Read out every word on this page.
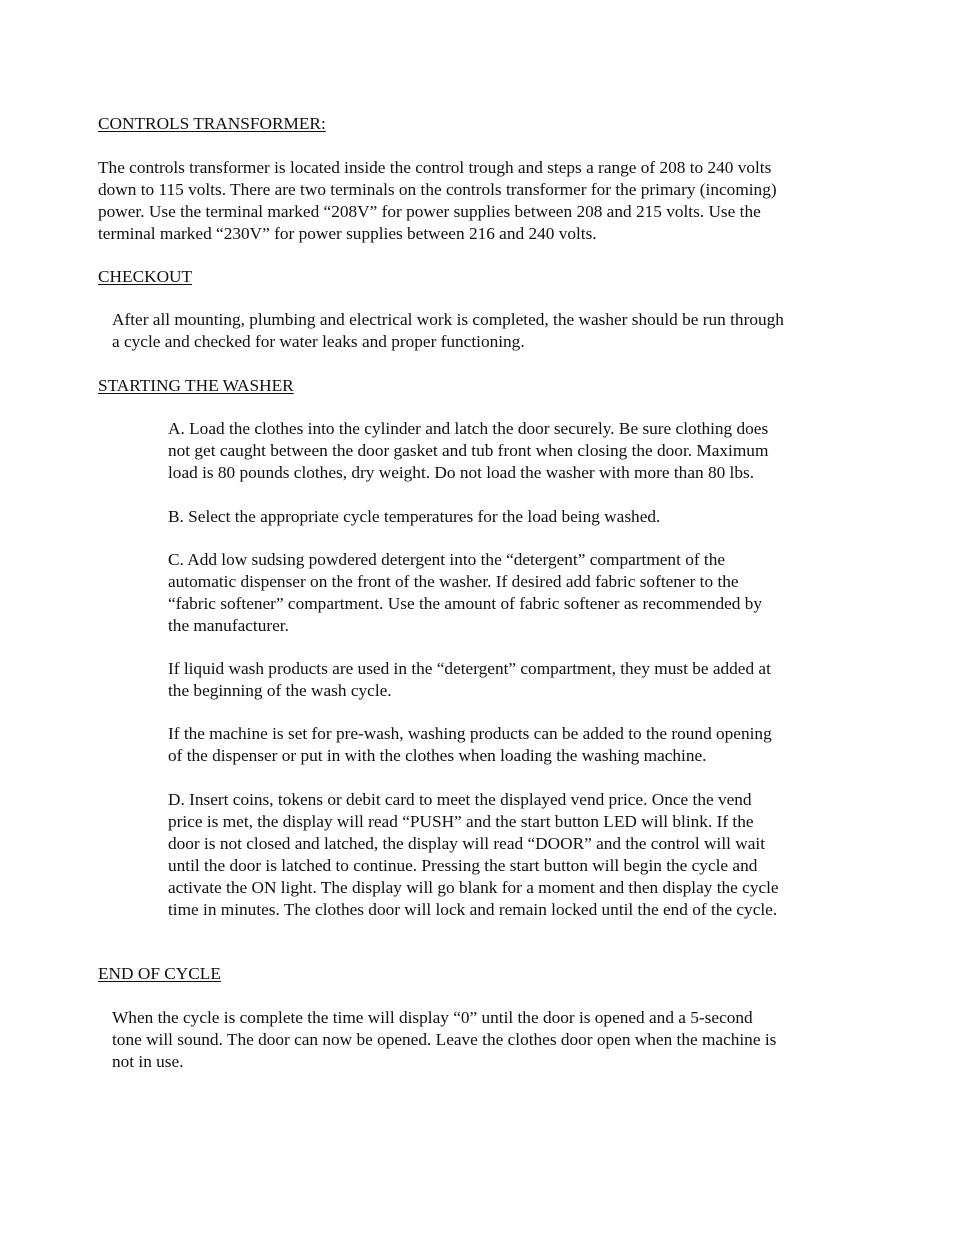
CONTROLS TRANSFORMER:
The controls transformer is located inside the control trough and steps a range of 208 to 240 volts
down to 115 volts. There are two terminals on the controls transformer for the primary (incoming)
power. Use the terminal marked “208V” for power supplies between 208 and 215 volts. Use the
terminal marked “230V” for power supplies between 216 and 240 volts.
CHECKOUT
After all mounting, plumbing and electrical work is completed, the washer should be run through
a cycle and checked for water leaks and proper functioning.
STARTING THE WASHER
A. Load the clothes into the cylinder and latch the door securely. Be sure clothing does
not get caught between the door gasket and tub front when closing the door. Maximum
load is 80 pounds clothes, dry weight. Do not load the washer with more than 80 lbs.
B. Select the appropriate cycle temperatures for the load being washed.
C. Add low sudsing powdered detergent into the “detergent” compartment of the
automatic dispenser on the front of the washer. If desired add fabric softener to the
“fabric softener” compartment. Use the amount of fabric softener as recommended by
the manufacturer.
If liquid wash products are used in the “detergent” compartment, they must be added at
the beginning of the wash cycle.
If the machine is set for pre-wash, washing products can be added to the round opening
of the dispenser or put in with the clothes when loading the washing machine.
D. Insert coins, tokens or debit card to meet the displayed vend price. Once the vend
price is met, the display will read “PUSH” and the start button LED will blink. If the
door is not closed and latched, the display will read “DOOR” and the control will wait
until the door is latched to continue. Pressing the start button will begin the cycle and
activate the ON light. The display will go blank for a moment and then display the cycle
time in minutes. The clothes door will lock and remain locked until the end of the cycle.
END OF CYCLE
When the cycle is complete the time will display “0” until the door is opened and a 5-second
tone will sound. The door can now be opened. Leave the clothes door open when the machine is
not in use.
